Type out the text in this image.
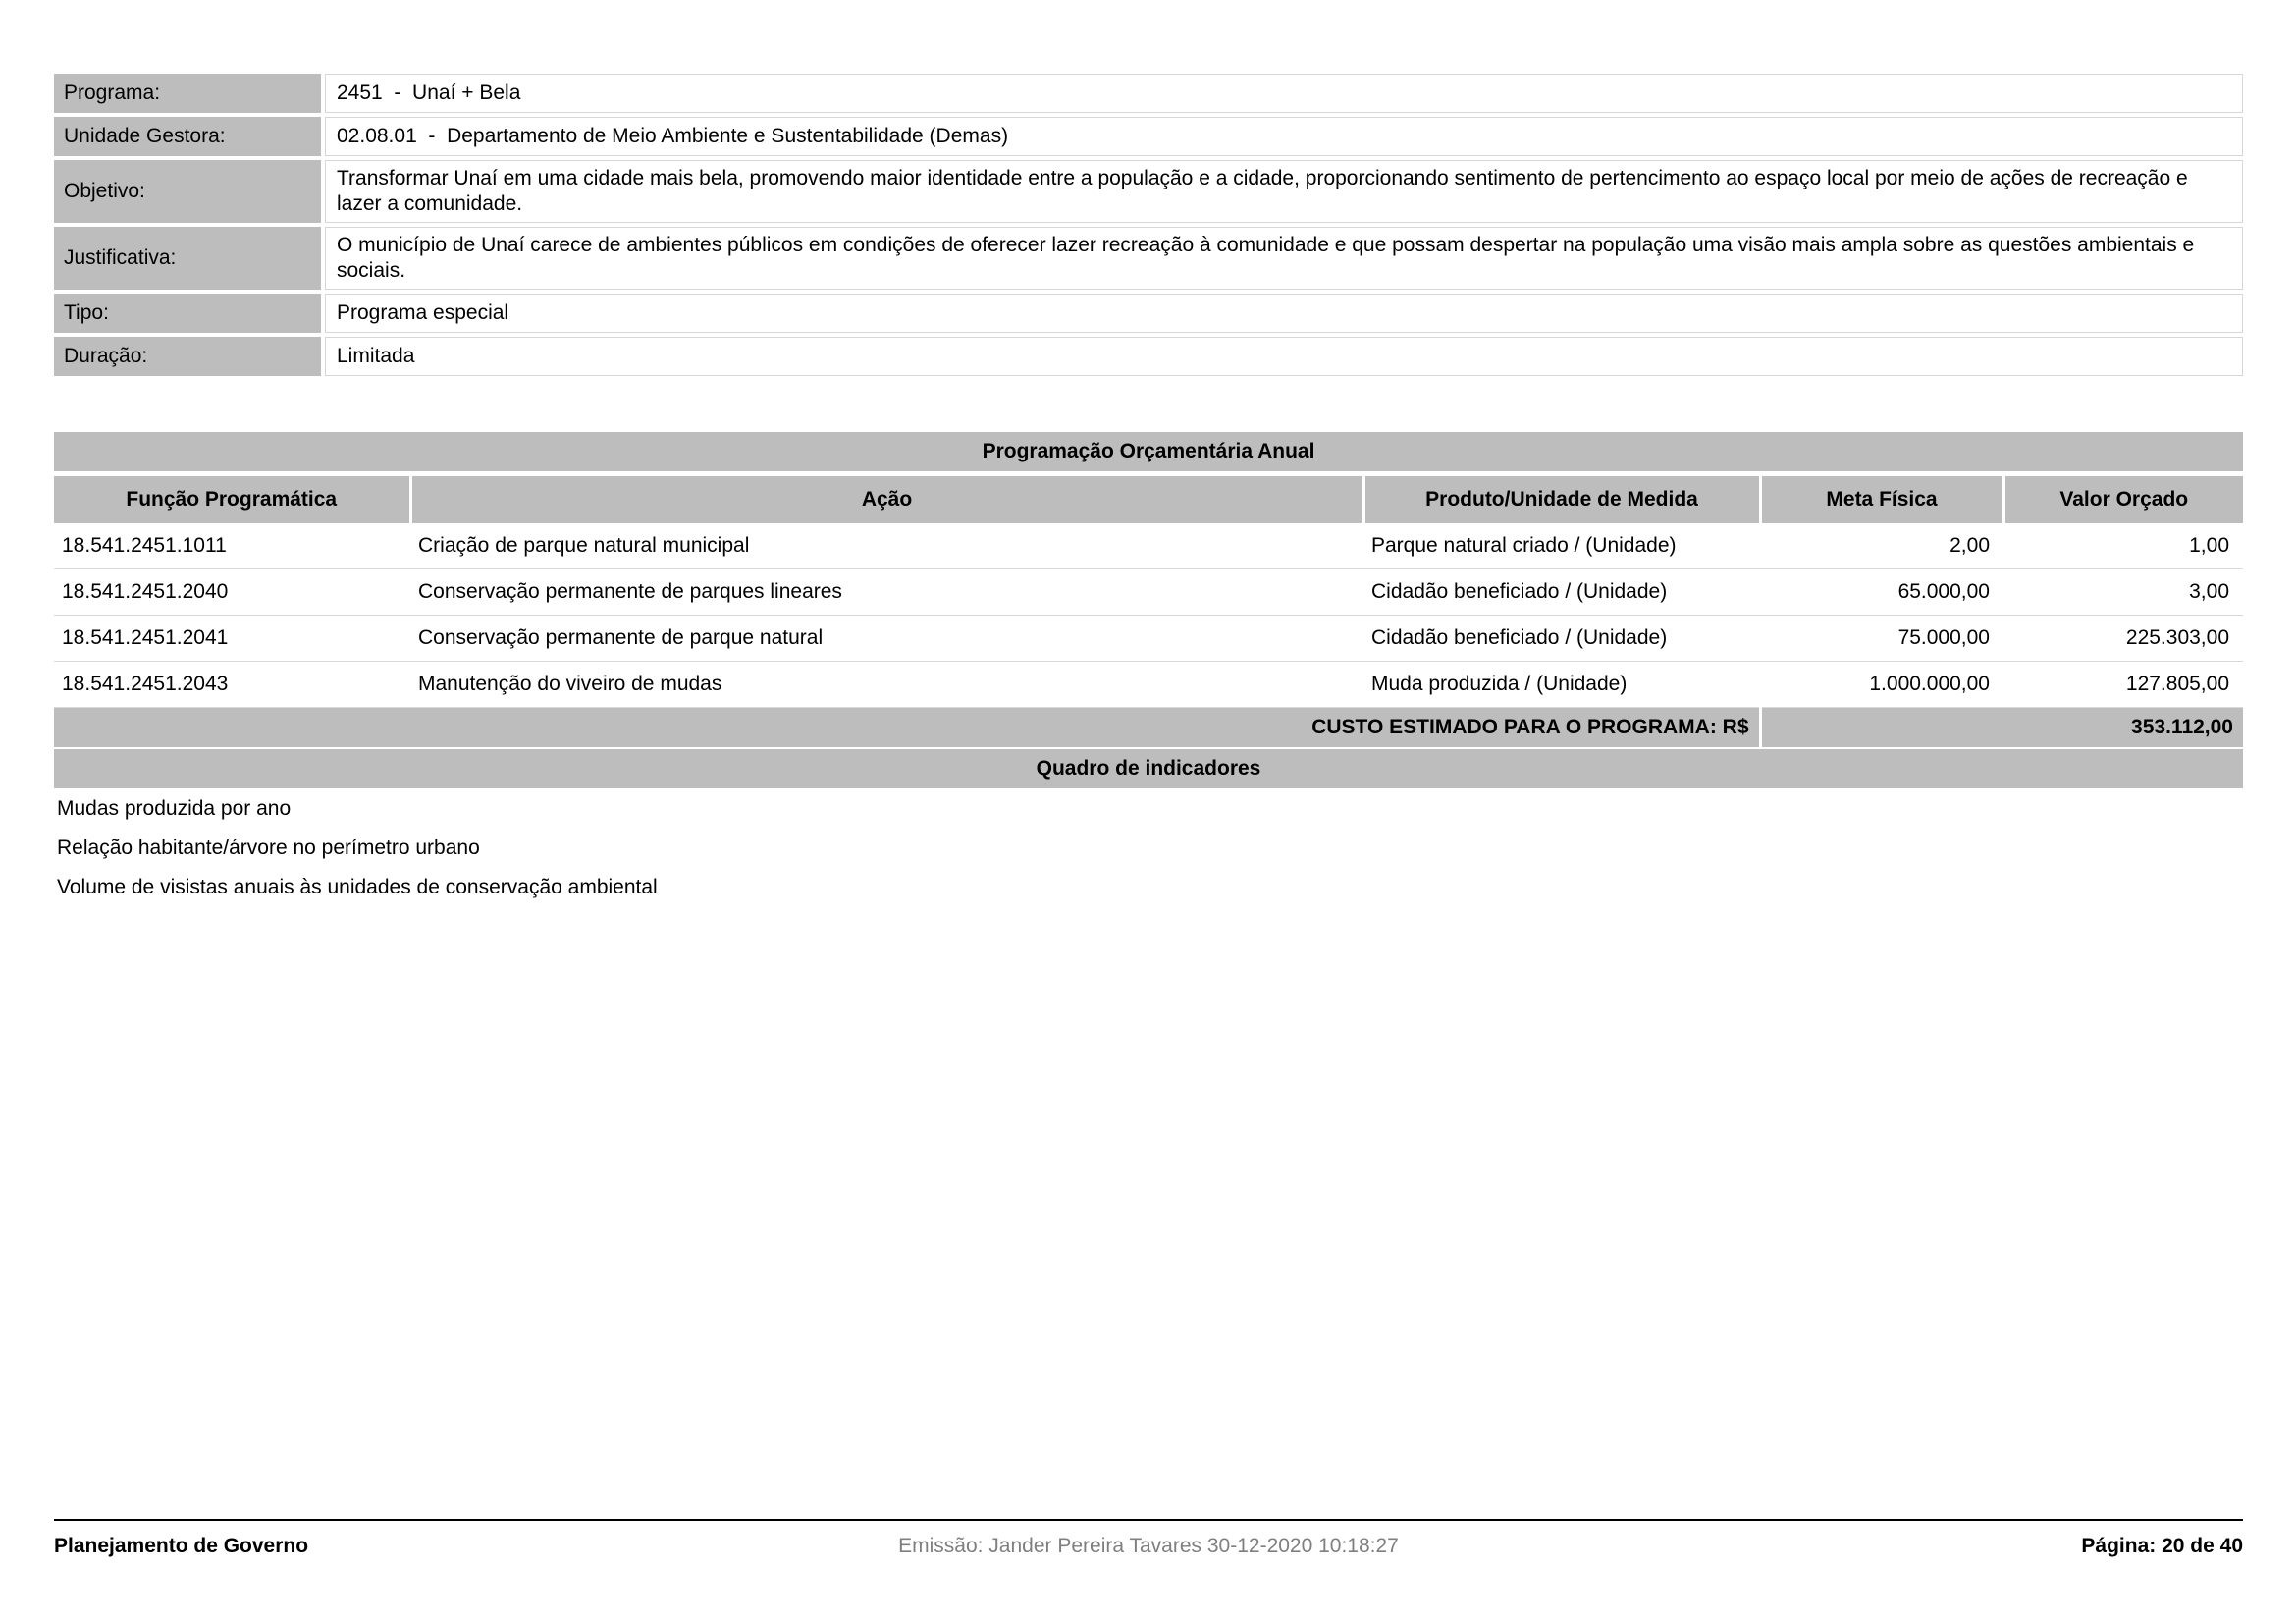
Programa:	2451  -  Unaí + Bela
Unidade Gestora:	02.08.01  -  Departamento de Meio Ambiente e Sustentabilidade (Demas)
Objetivo:	Transformar Unaí em uma cidade mais bela, promovendo maior identidade entre a população e a cidade, proporcionando sentimento de pertencimento ao espaço local por meio de ações de recreação e lazer a comunidade.
Justificativa:	O município de Unaí carece de ambientes públicos em condições de oferecer lazer recreação à comunidade e que possam despertar na população uma visão mais ampla sobre as questões ambientais e sociais.
Tipo:	Programa especial
Duração:	Limitada
Programação Orçamentária Anual
Função Programática	Ação	Produto/Unidade de Medida	Meta Física	Valor Orçado
18.541.2451.1011	Criação de parque natural municipal	Parque natural criado / (Unidade)	2,00	1,00
18.541.2451.2040	Conservação permanente de parques lineares	Cidadão beneficiado / (Unidade)	65.000,00	3,00
18.541.2451.2041	Conservação permanente de parque natural	Cidadão beneficiado / (Unidade)	75.000,00	225.303,00
18.541.2451.2043	Manutenção do viveiro de mudas	Muda produzida / (Unidade)	1.000.000,00	127.805,00
CUSTO ESTIMADO PARA O PROGRAMA: R$			353.112,00	
Quadro de indicadores
Mudas produzida por ano
Relação habitante/árvore no perímetro urbano
Volume de visistas anuais às unidades de conservação ambiental
Planejamento de Governo	Emissão: Jander Pereira Tavares 30-12-2020 10:18:27	Página: 20 de 40
